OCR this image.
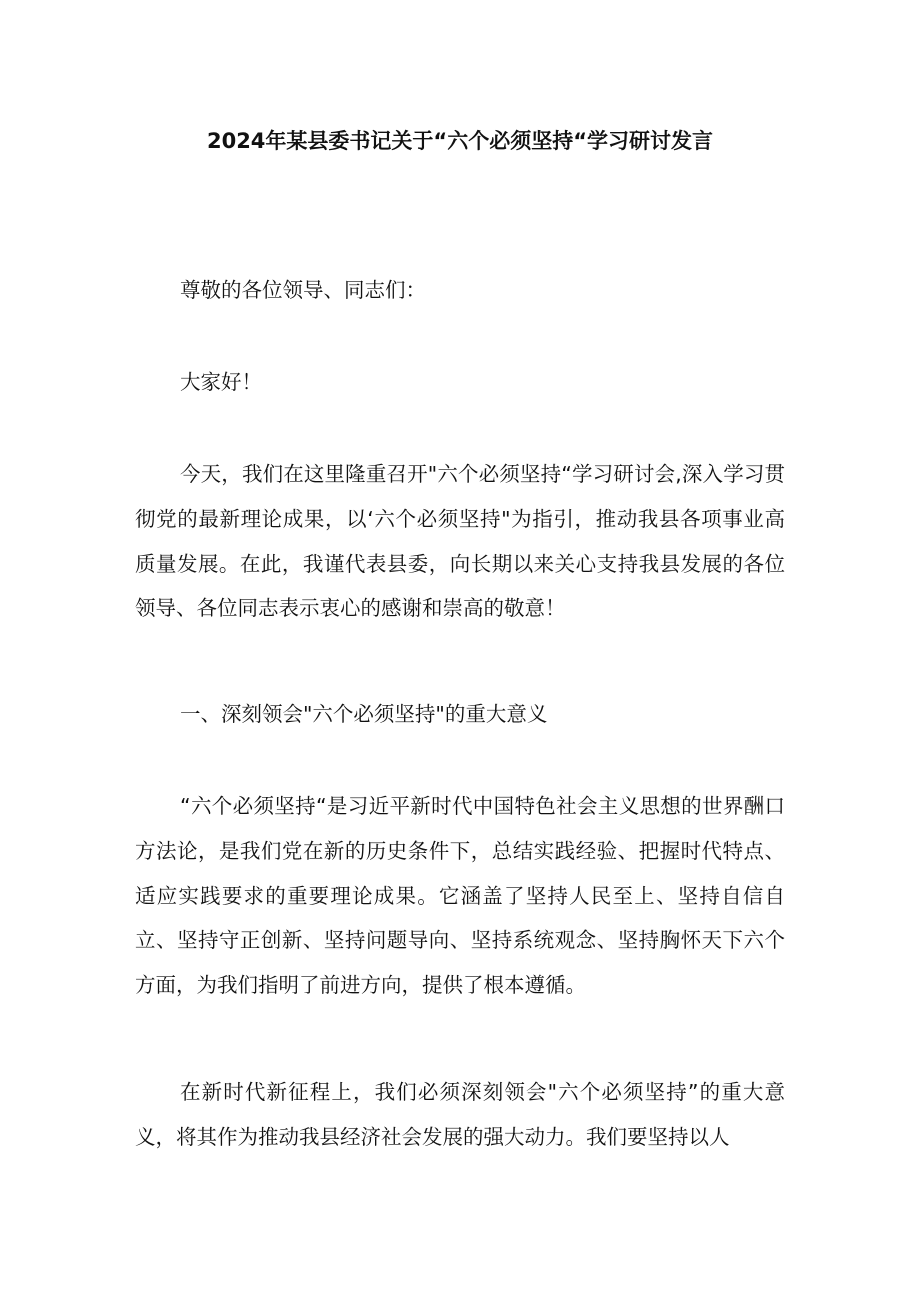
2024年某县委书记关于“六个必须坚持“学习研讨发言

尊敬的各位领导、同志们：

大家好！

今天，我们在这里隆重召开"六个必须坚持“学习研讨会,深入学习贯彻党的最新理论成果，以‘六个必须坚持"为指引，推动我县各项事业高质量发展。在此，我谨代表县委，向长期以来关心支持我县发展的各位领导、各位同志表示衷心的感谢和崇高的敬意！

一、深刻领会"六个必须坚持"的重大意义

“六个必须坚持“是习近平新时代中国特色社会主义思想的世界酬口方法论，是我们党在新的历史条件下，总结实践经验、把握时代特点、适应实践要求的重要理论成果。它涵盖了坚持人民至上、坚持自信自立、坚持守正创新、坚持问题导向、坚持系统观念、坚持胸怀天下六个方面，为我们指明了前进方向，提供了根本遵循。

在新时代新征程上，我们必须深刻领会"六个必须坚持”的重大意义，将其作为推动我县经济社会发展的强大动力。我们要坚持以人
